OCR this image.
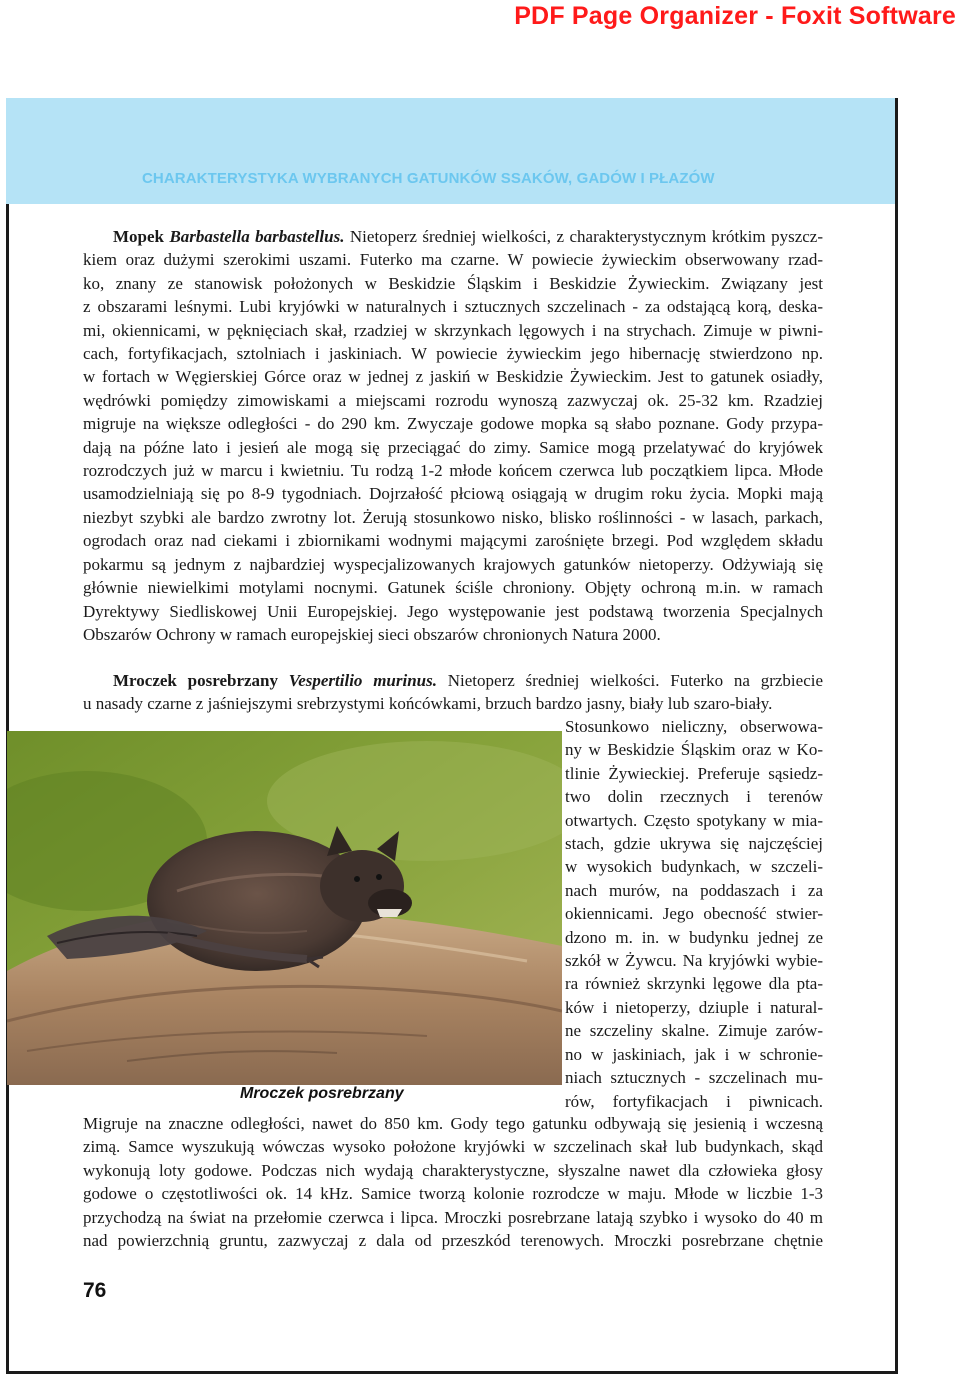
PDF Page Organizer - Foxit Software
CHARAKTERYSTYKA WYBRANYCH GATUNKÓW SSAKÓW, GADÓW I PŁAZÓW
Mopek Barbastella barbastellus. Nietoperz średniej wielkości, z charakterystycznym krótkim pyszcz-
kiem oraz dużymi szerokimi uszami. Futerko ma czarne. W powiecie żywieckim obserwowany rzad-
ko, znany ze stanowisk położonych w Beskidzie Śląskim i Beskidzie Żywieckim. Związany jest
z obszarami leśnymi. Lubi kryjówki w naturalnych i sztucznych szczelinach - za odstającą korą, deska-
mi, okiennicami, w pęknięciach skał, rzadziej w skrzynkach lęgowych i na strychach. Zimuje w piwni-
cach, fortyfikacjach, sztolniach i jaskiniach. W powiecie żywieckim jego hibernację stwierdzono np.
w fortach w Węgierskiej Górce oraz w jednej z jaskiń w Beskidzie Żywieckim. Jest to gatunek osiadły,
wędrówki pomiędzy zimowiskami a miejscami rozrodu wynoszą zazwyczaj ok. 25-32 km. Rzadziej
migruje na większe odległości - do 290 km. Zwyczaje godowe mopka są słabo poznane. Gody przypa-
dają na późne lato i jesień ale mogą się przeciągać do zimy. Samice mogą przelatywać do kryjówek
rozrodczych już w marcu i kwietniu. Tu rodzą 1-2 młode końcem czerwca lub początkiem lipca. Młode
usamodzielniają się po 8-9 tygodniach. Dojrzałość płciową osiągają w drugim roku życia. Mopki mają
niezbyt szybki ale bardzo zwrotny lot. Żerują stosunkowo nisko, blisko roślinności - w lasach, parkach,
ogrodach oraz nad ciekami i zbiornikami wodnymi mającymi zarośnięte brzegi. Pod względem składu
pokarmu są jednym z najbardziej wyspecjalizowanych krajowych gatunków nietoperzy. Odżywiają się
głównie niewielkimi motylami nocnymi. Gatunek ściśle chroniony. Objęty ochroną m.in. w ramach
Dyrektywy Siedliskowej Unii Europejskiej. Jego występowanie jest podstawą tworzenia Specjalnych
Obszarów Ochrony w ramach europejskiej sieci obszarów chronionych Natura 2000.
Mroczek posrebrzany Vespertilio murinus. Nietoperz średniej wielkości. Futerko na grzbiecie
u nasady czarne z jaśniejszymi srebrzystymi końcówkami, brzuch bardzo jasny, biały lub szaro-biały.
Stosunkowo nieliczny, obserwowa-
ny w Beskidzie Śląskim oraz w Ko-
tlinie Żywieckiej. Preferuje sąsiedz-
two dolin rzecznych i terenów
otwartych. Często spotykany w mia-
stach, gdzie ukrywa się najczęściej
w wysokich budynkach, w szczeli-
nach murów, na poddaszach i za
okiennicami. Jego obecność stwier-
dzono m. in. w budynku jednej ze
szkół w Żywcu. Na kryjówki wybie-
ra również skrzynki lęgowe dla pta-
ków i nietoperzy, dziuple i natural-
ne szczeliny skalne. Zimuje zarów-
no w jaskiniach, jak i w schronie-
niach sztucznych - szczelinach mu-
rów, fortyfikacjach i piwnicach.
Mroczek posrebrzany
Migruje na znaczne odległości, nawet do 850 km. Gody tego gatunku odbywają się jesienią i wczesną
zimą. Samce wyszukują wówczas wysoko położone kryjówki w szczelinach skał lub budynkach, skąd
wykonują loty godowe. Podczas nich wydają charakterystyczne, słyszalne nawet dla człowieka głosy
godowe o częstotliwości ok. 14 kHz. Samice tworzą kolonie rozrodcze w maju. Młode w liczbie 1-3
przychodzą na świat na przełomie czerwca i lipca. Mroczki posrebrzane latają szybko i wysoko do 40 m
nad powierzchnią gruntu, zazwyczaj z dala od przeszkód terenowych. Mroczki posrebrzane chętnie
76
